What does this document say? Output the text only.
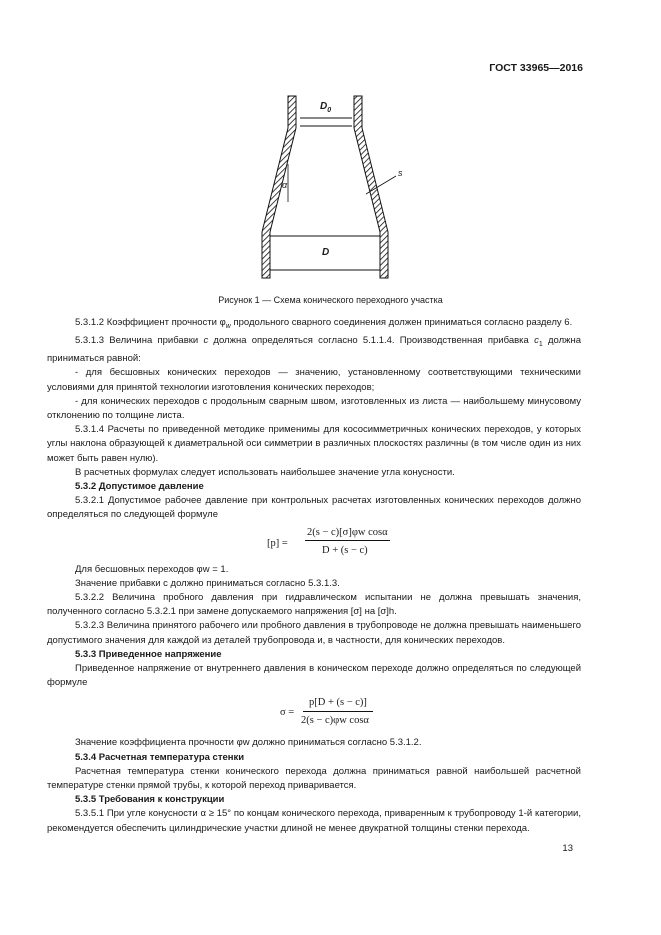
ГОСТ 33965—2016
$D_0$
D
s
α
Рисунок 1 — Схема конического переходного участка

5.3.1.2 Коэффициент прочности $\varphi_w$ продольного сварного соединения должен приниматься согласно разделу 6.

5.3.1.3 Величина прибавки c должна определяться согласно 5.1.1.4. Производственная прибавка $c_1$ должна приниматься равной:

- для бесшовных конических переходов — значению, установленному соответствующими техническими условиями для принятой технологии изготовления конических переходов;

- для конических переходов с продольным сварным швом, изготовленных из листа — наибольшему минусовому отклонению по толщине листа.

5.3.1.4 Расчеты по приведенной методике применимы для кососимметричных конических переходов, у которых углы наклона образующей к диаметральной оси симметрии в различных плоскостях различны (в том числе один из них может быть равен нулю).

В расчетных формулах следует использовать наибольшее значение угла конусности.

5.3.2 Допустимое давление

5.3.2.1 Допустимое рабочее давление при контрольных расчетах изготовленных конических переходов должно определяться по следующей формуле

[p] =
2(s − c)[σ]φw cosα
D + (s − c)

Для бесшовных переходов φw = 1.

Значение прибавки c должно приниматься согласно 5.3.1.3.

5.3.2.2 Величина пробного давления при гидравлическом испытании не должна превышать значения, полученного согласно 5.3.2.1 при замене допускаемого напряжения [σ] на [σ]h.

5.3.2.3 Величина принятого рабочего или пробного давления в трубопроводе не должна превышать наименьшего допустимого значения для каждой из деталей трубопровода и, в частности, для конических переходов.

5.3.3 Приведенное напряжение

Приведенное напряжение от внутреннего давления в коническом переходе должно определяться по следующей формуле

σ =
p[D + (s − c)]
2(s − c)φw cosα

Значение коэффициента прочности φw должно приниматься согласно 5.3.1.2.

5.3.4 Расчетная температура стенки

Расчетная температура стенки конического перехода должна приниматься равной наибольшей расчетной температуре стенки прямой трубы, к которой переход приваривается.

5.3.5 Требования к конструкции

5.3.5.1 При угле конусности α ≥ 15° по концам конического перехода, приваренным к трубопроводу 1-й категории, рекомендуется обеспечить цилиндрические участки длиной не менее двукратной толщины стенки перехода.

13
